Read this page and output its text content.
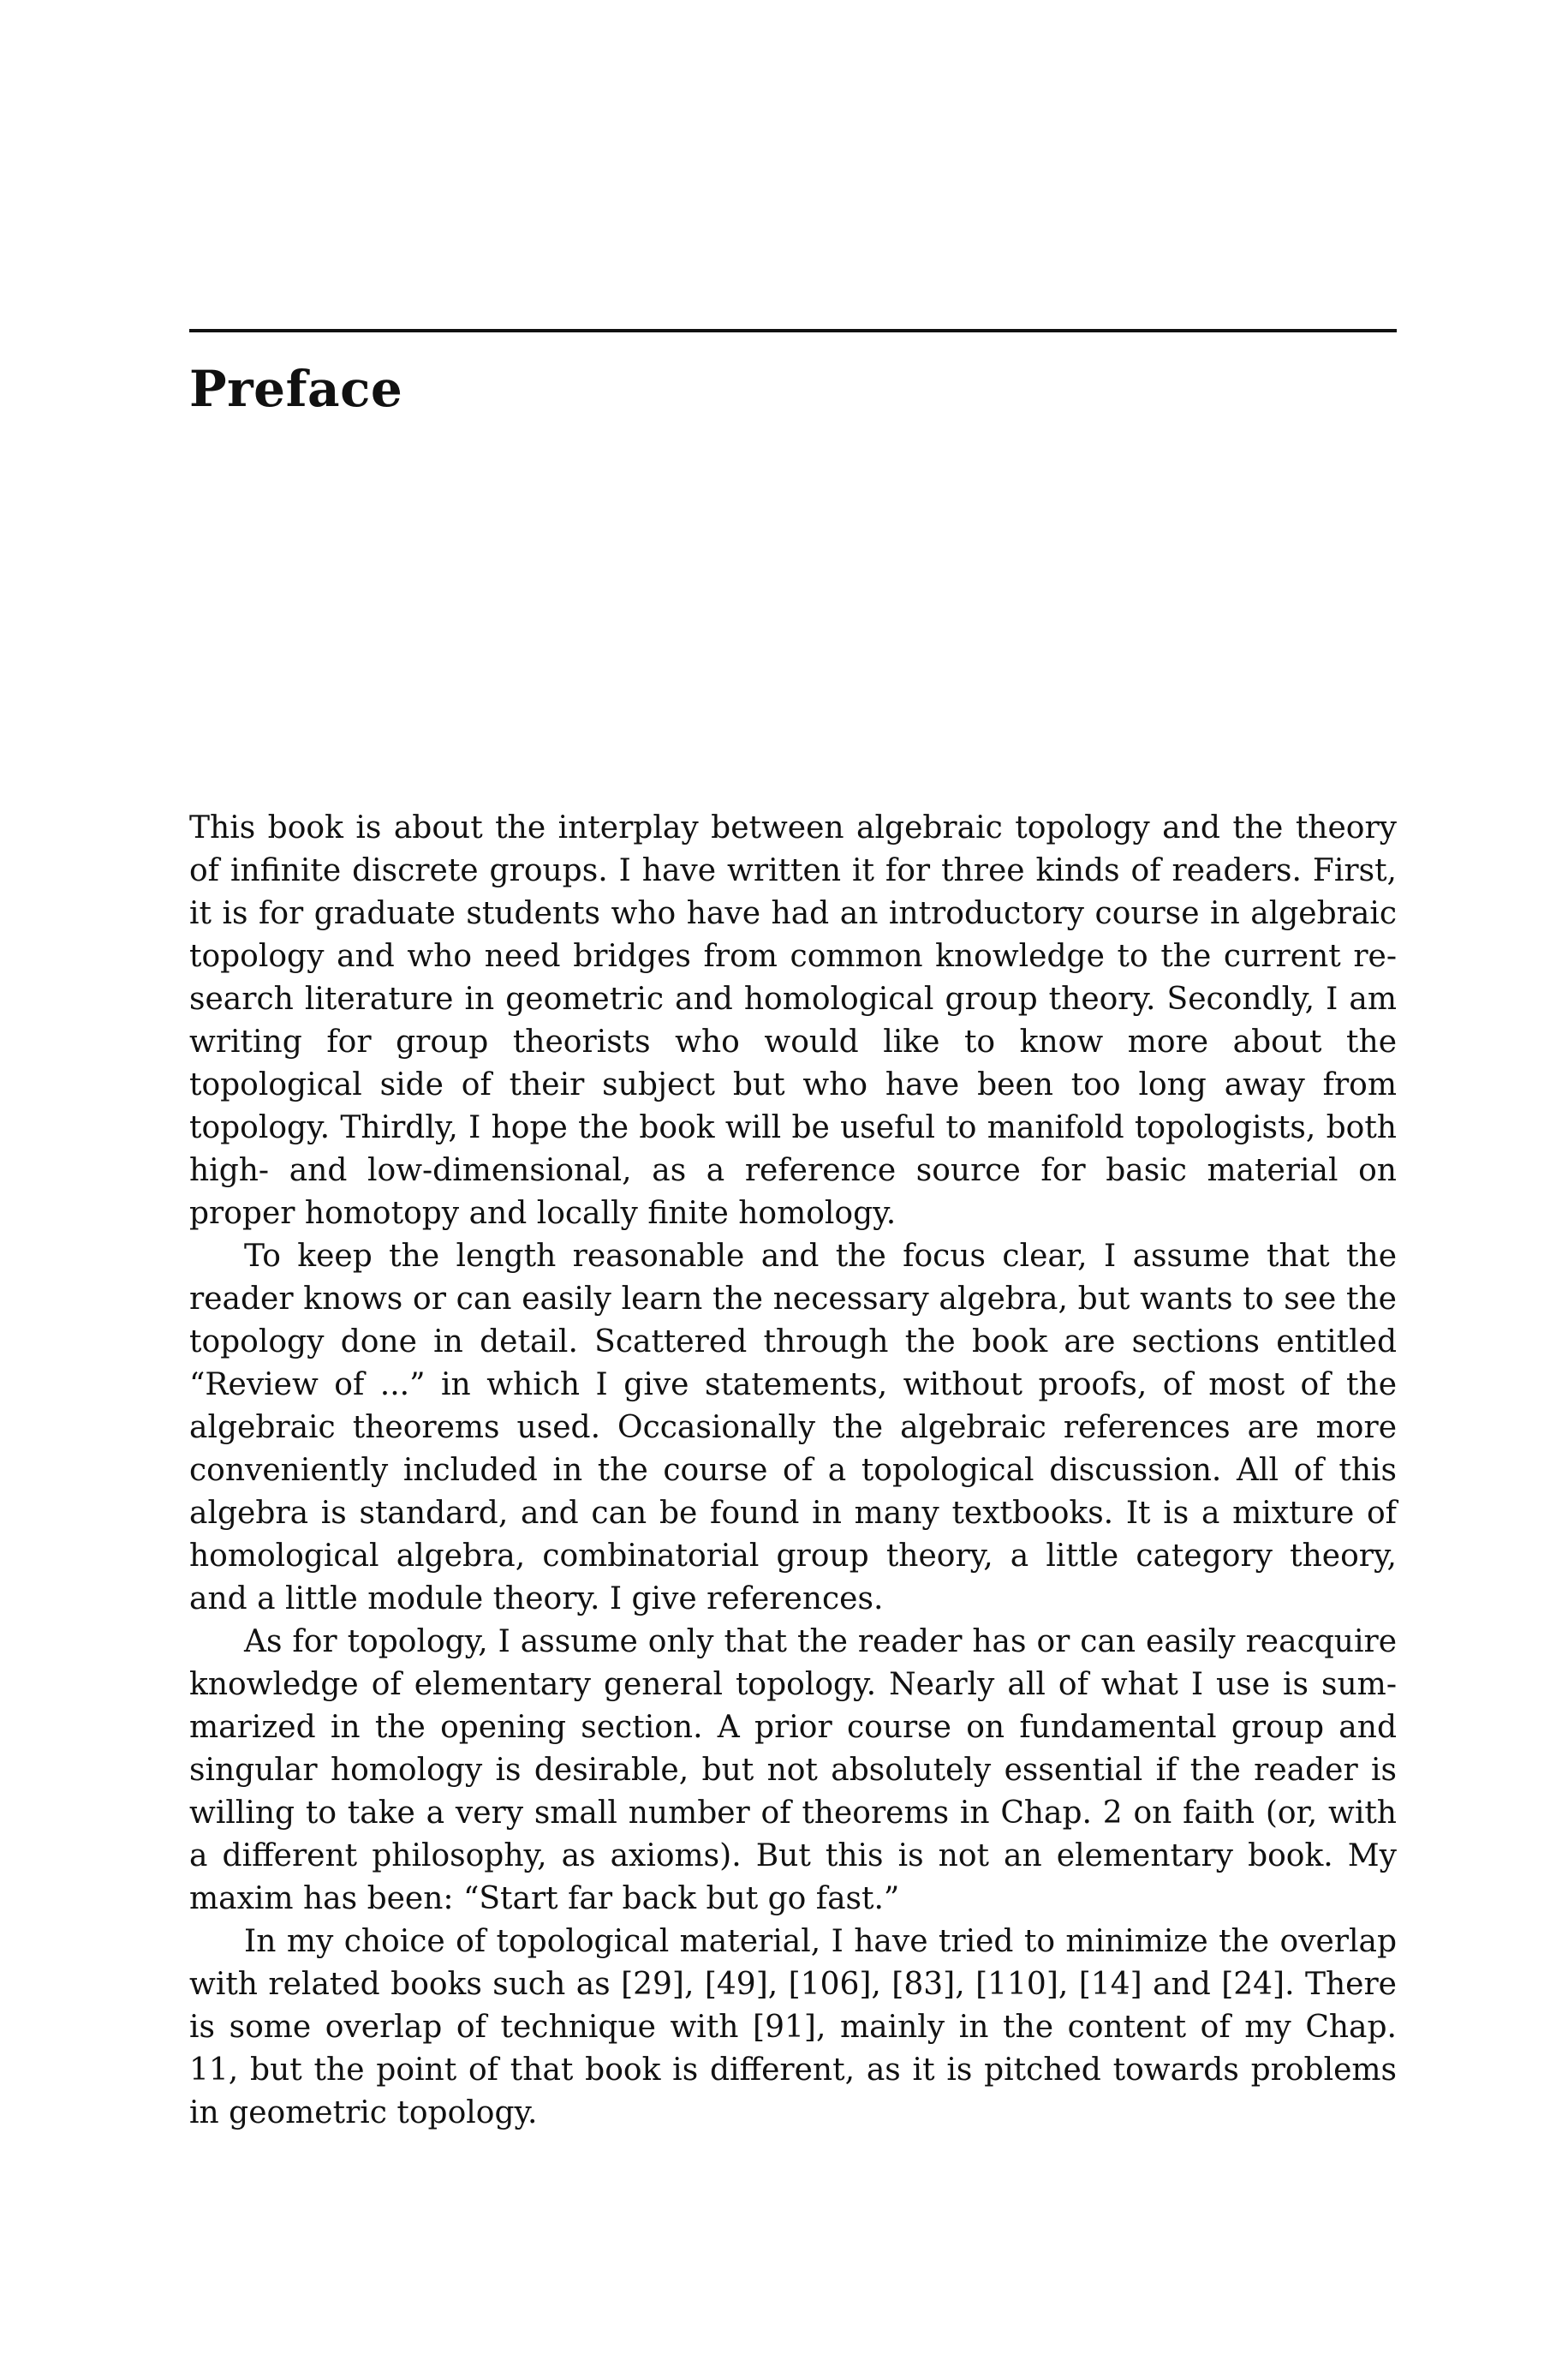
Preface

This book is about the interplay between algebraic topology and the theory of infinite discrete groups. I have written it for three kinds of readers. First, it is for graduate students who have had an introductory course in algebraic topology and who need bridges from common knowledge to the current research literature in geometric and homological group theory. Secondly, I am writing for group theorists who would like to know more about the topological side of their subject but who have been too long away from topology. Thirdly, I hope the book will be useful to manifold topologists, both high- and low-dimensional, as a reference source for basic material on proper homotopy and locally finite homology.

To keep the length reasonable and the focus clear, I assume that the reader knows or can easily learn the necessary algebra, but wants to see the topology done in detail. Scattered through the book are sections entitled “Review of ...” in which I give statements, without proofs, of most of the algebraic theorems used. Occasionally the algebraic references are more conveniently included in the course of a topological discussion. All of this algebra is standard, and can be found in many textbooks. It is a mixture of homological algebra, combinatorial group theory, a little category theory, and a little module theory. I give references.

As for topology, I assume only that the reader has or can easily reacquire knowledge of elementary general topology. Nearly all of what I use is summarized in the opening section. A prior course on fundamental group and singular homology is desirable, but not absolutely essential if the reader is willing to take a very small number of theorems in Chap. 2 on faith (or, with a different philosophy, as axioms). But this is not an elementary book. My maxim has been: “Start far back but go fast.”

In my choice of topological material, I have tried to minimize the overlap with related books such as [29], [49], [106], [83], [110], [14] and [24]. There is some overlap of technique with [91], mainly in the content of my Chap. 11, but the point of that book is different, as it is pitched towards problems in geometric topology.
